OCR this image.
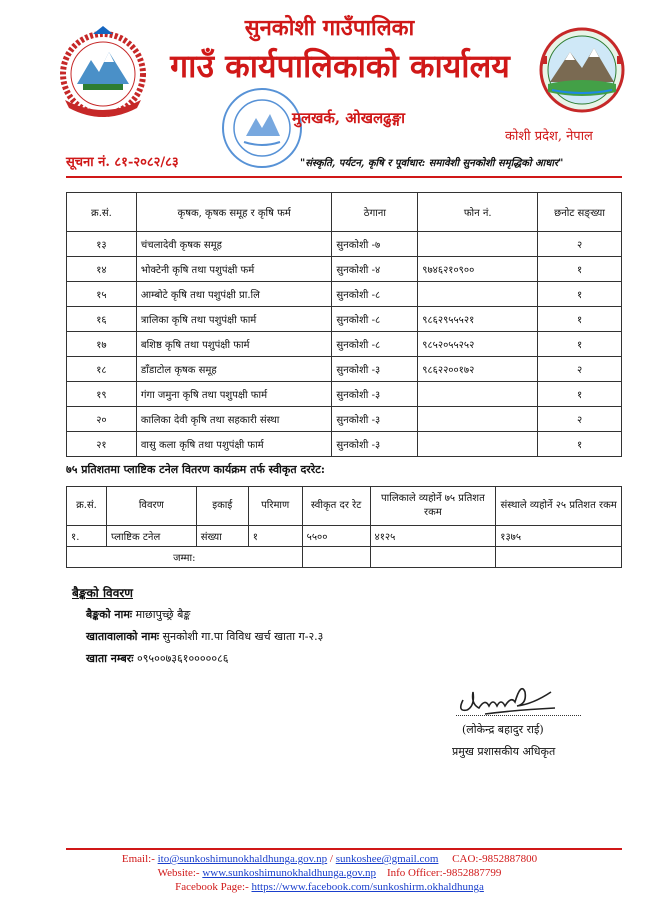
सुनकोशी गाउँपालिका
गाउँ कार्यपालिकाको कार्यालय
मुलखर्क, ओखलढुङ्गा
कोशी प्रदेश, नेपाल
सूचना नं. ८१-२०८२/८३	"संस्कृति, पर्यटन, कृषि र पूर्वाधार: समावेशी सुनकोशी समृद्धिको आधार"
क्र.सं.	कृषक, कृषक समूह र कृषि फर्म	ठेगाना	फोन नं.	छनोट सङ्ख्या
१३	चंचलादेवी कृषक समूह	सुनकोशी -७		२
१४	भोक्टेनी कृषि तथा पशुपंक्षी फर्म	सुनकोशी -४	९७४६२१०९००	१
१५	आम्बोटे कृषि तथा पशुपंक्षी प्रा.लि	सुनकोशी -८		१
१६	त्रालिका कृषि तथा पशुपंक्षी फार्म	सुनकोशी -८	९८६२९५५५२१	१
१७	बशिष्ठ कृषि तथा पशुपंक्षी फार्म	सुनकोशी -८	९८५२०५५२५२	१
१८	डाँडाटोल कृषक समूह	सुनकोशी -३	९८६२२००१७२	२
१९	गंगा जमुना कृषि तथा पशुपक्षी फार्म	सुनकोशी -३		१
२०	कालिका देवी कृषि तथा सहकारी संस्था	सुनकोशी -३		२
२१	वासु कला कृषि तथा पशुपंक्षी फार्म	सुनकोशी -३		१
७५ प्रतिशतमा प्लाष्टिक टनेल वितरण कार्यक्रम तर्फ स्वीकृत दररेट:
क्र.सं.	विवरण	इकाई	परिमाण	स्वीकृत दर रेट	पालिकाले व्यहोर्ने ७५ प्रतिशत रकम	संस्थाले व्यहोर्ने २५ प्रतिशत रकम
१.	प्लाष्टिक टनेल	संख्या	१	५५००	४१२५	१३७५
जम्मा:						
बैङ्कको विवरण
बैङ्कको नामः माछापुच्छ्रे बैङ्क
खातावालाको नामः सुनकोशी गा.पा विविध खर्च खाता ग-२.३
खाता नम्बरः ०९५००७३६१०००००८६
(लोकेन्द्र बहादुर राई)
प्रमुख प्रशासकीय अधिकृत
Email:- ito@sunkoshimunokhaldhunga.gov.np / sunkoshee@gmail.com CAO:-9852887800
Website:- www.sunkoshimunokhaldhunga.gov.np Info Officer:-9852887799
Facebook Page:- https://www.facebook.com/sunkoshirm.okhaldhunga
